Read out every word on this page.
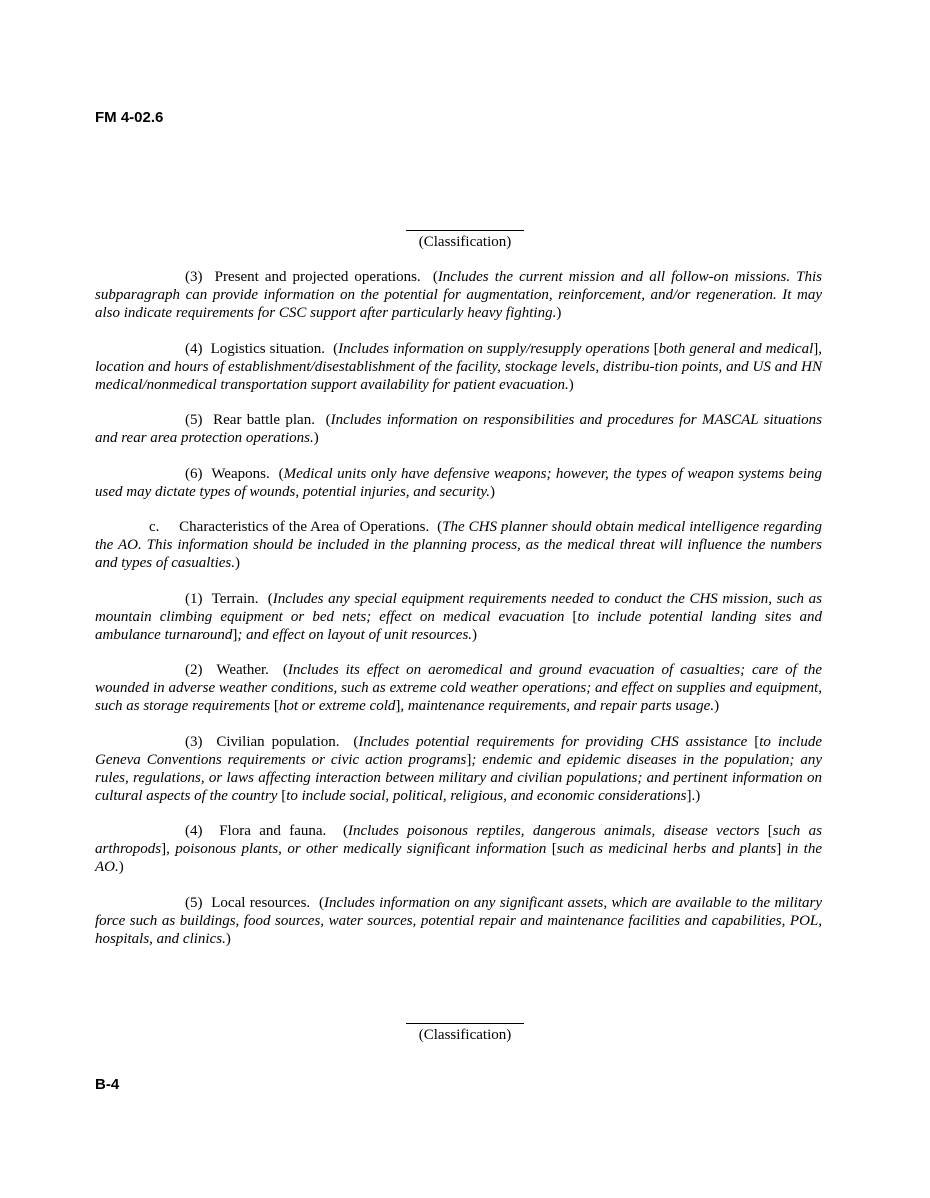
FM 4-02.6
(Classification)

(3)  Present and projected operations. (Includes the current mission and all follow-on missions. This subparagraph can provide information on the potential for augmentation, reinforcement, and/or regeneration. It may also indicate requirements for CSC support after particularly heavy fighting.)

(4)  Logistics situation. (Includes information on supply/resupply operations [both general and medical], location and hours of establishment/disestablishment of the facility, stockage levels, distribu-tion points, and US and HN medical/nonmedical transportation support availability for patient evacuation.)

(5)  Rear battle plan. (Includes information on responsibilities and procedures for MASCAL situations and rear area protection operations.)

(6)  Weapons. (Medical units only have defensive weapons; however, the types of weapon systems being used may dictate types of wounds, potential injuries, and security.)

c.     Characteristics of the Area of Operations. (The CHS planner should obtain medical intelligence regarding the AO. This information should be included in the planning process, as the medical threat will influence the numbers and types of casualties.)

(1)  Terrain. (Includes any special equipment requirements needed to conduct the CHS mission, such as mountain climbing equipment or bed nets; effect on medical evacuation [to include potential landing sites and ambulance turnaround]; and effect on layout of unit resources.)

(2)  Weather. (Includes its effect on aeromedical and ground evacuation of casualties; care of the wounded in adverse weather conditions, such as extreme cold weather operations; and effect on supplies and equipment, such as storage requirements [hot or extreme cold], maintenance requirements, and repair parts usage.)

(3)  Civilian population. (Includes potential requirements for providing CHS assistance [to include Geneva Conventions requirements or civic action programs]; endemic and epidemic diseases in the population; any rules, regulations, or laws affecting interaction between military and civilian populations; and pertinent information on cultural aspects of the country [to include social, political, religious, and economic considerations].)

(4)  Flora and fauna. (Includes poisonous reptiles, dangerous animals, disease vectors [such as arthropods], poisonous plants, or other medically significant information [such as medicinal herbs and plants] in the AO.)

(5)  Local resources. (Includes information on any significant assets, which are available to the military force such as buildings, food sources, water sources, potential repair and maintenance facilities and capabilities, POL, hospitals, and clinics.)

(Classification)
B-4
